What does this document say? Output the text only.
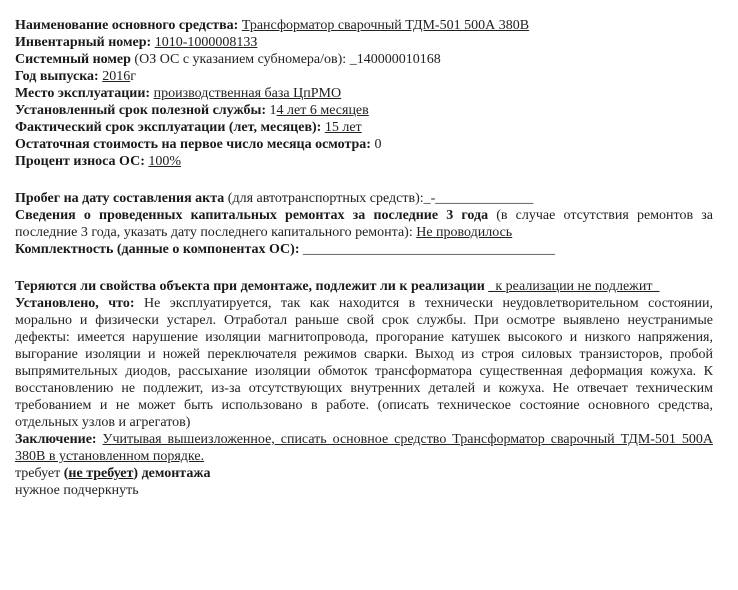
Наименование основного средства: Трансформатор сварочный ТДМ-501 500А 380В
Инвентарный номер: 1010-100000813З
Системный номер (ОЗ ОС с указанием субномера/ов): _140000010168
Год выпуска: 2016г
Место эксплуатации: производственная база ЦпРМО
Установленный срок полезной службы: 14 лет 6 месяцев
Фактический срок эксплуатации (лет, месяцев): 15 лет
Остаточная стоимость на первое число месяца осмотра: 0
Процент износа ОС: 100%
Пробег на дату составления акта (для автотранспортных средств):_-______________
Сведения о проведенных капитальных ремонтах за последние 3 года (в случае отсутствия ремонтов за последние 3 года, указать дату последнего капитального ремонта): Не проводилось
Комплектность (данные о компонентах ОС): ____________________________________
Теряются ли свойства объекта при демонтаже, подлежит ли к реализации _к реализации не подлежит_
Установлено, что: Не эксплуатируется, так как находится в технически неудовлетворительном состоянии, морально и физически устарел. Отработал раньше свой срок службы. При осмотре выявлено неустранимые дефекты: имеется нарушение изоляции магнитопровода, прогорание катушек высокого и низкого напряжения, выгорание изоляции и ножей переключателя режимов сварки. Выход из строя силовых транзисторов, пробой выпрямительных диодов, рассыхание изоляции обмоток трансформатора существенная деформация кожуха. К восстановлению не подлежит, из-за отсутствующих внутренних деталей и кожуха. Не отвечает техническим требованием и не может быть использовано в работе. (описать техническое состояние основного средства, отдельных узлов и агрегатов)
Заключение: Учитывая вышеизложенное, списать основное средство Трансформатор сварочный ТДМ-501 500А 380В в установленном порядке.
требует (не требует) демонтажа
нужное подчеркнуть
